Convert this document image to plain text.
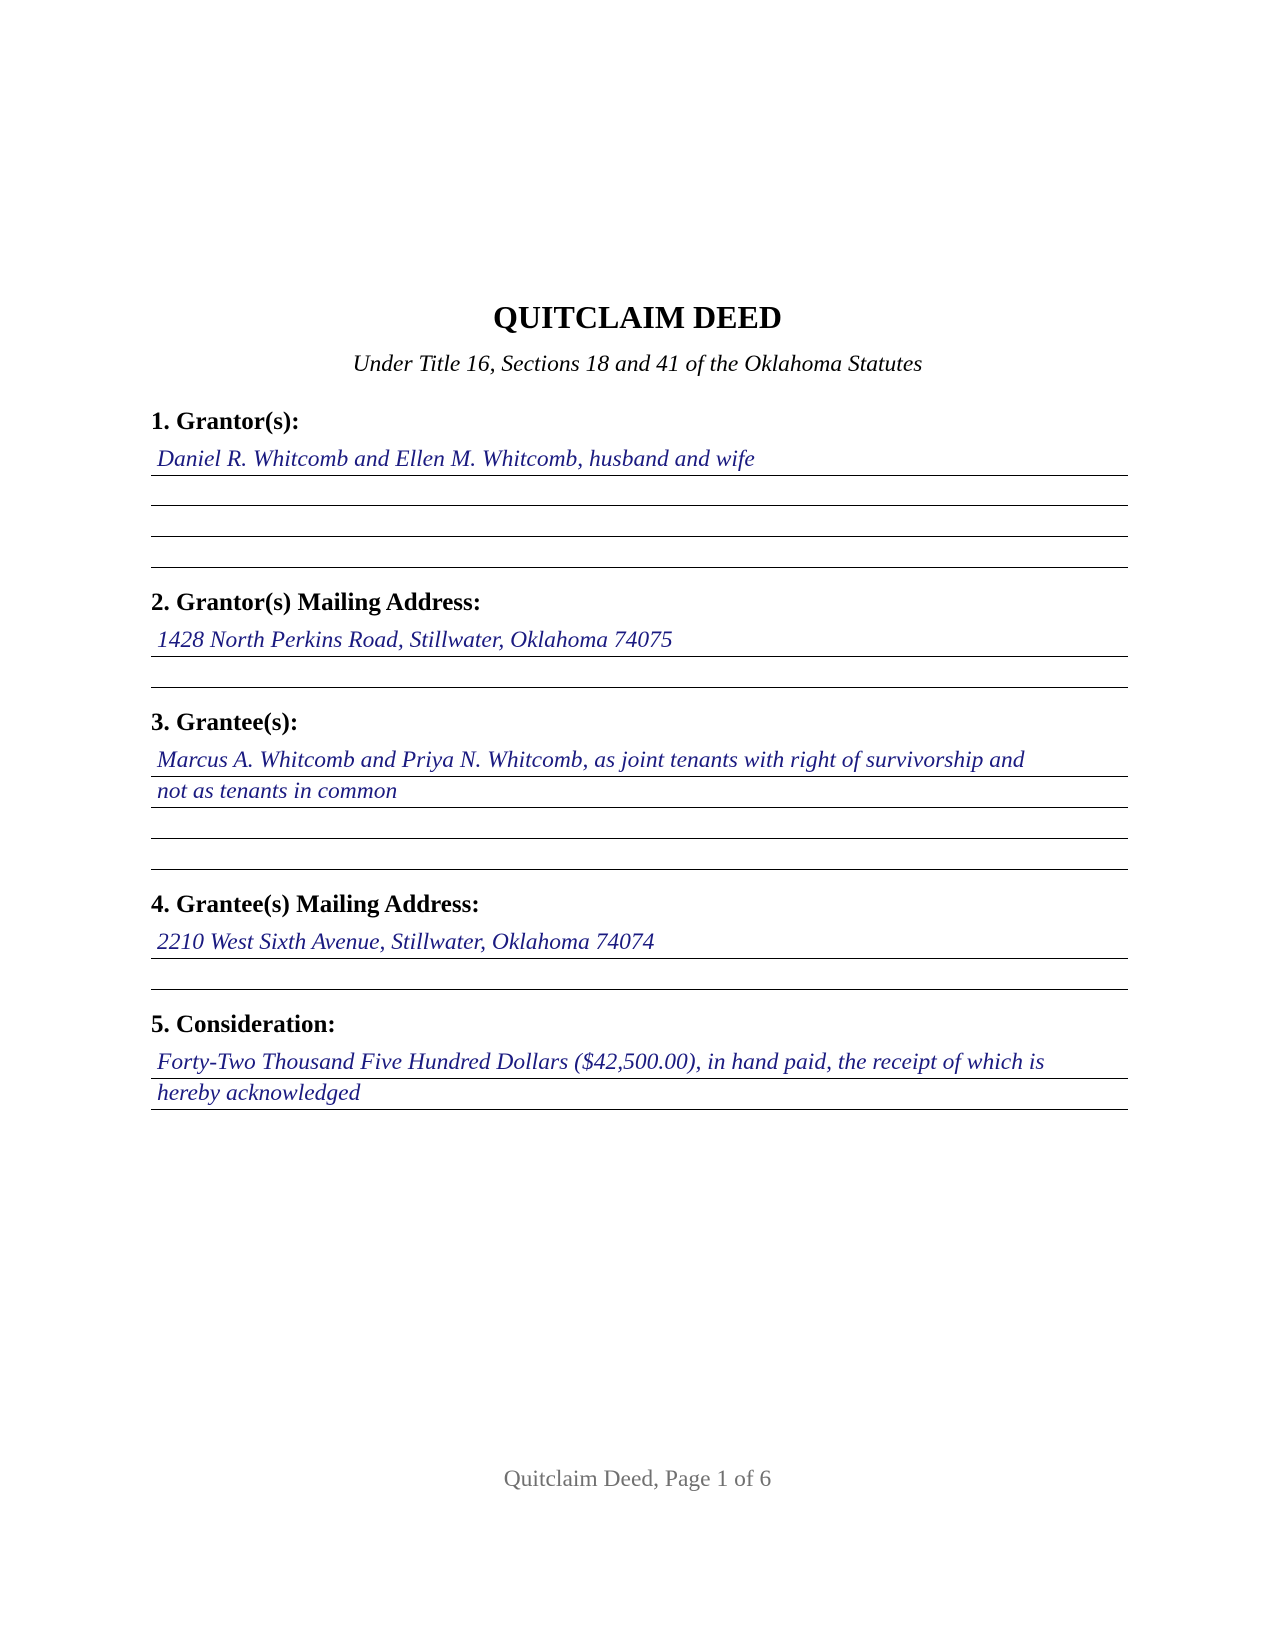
QUITCLAIM DEED

Under Title 16, Sections 18 and 41 of the Oklahoma Statutes

1. Grantor(s):

Daniel R. Whitcomb and Ellen M. Whitcomb, husband and wife

2. Grantor(s) Mailing Address:

1428 North Perkins Road, Stillwater, Oklahoma 74075

3. Grantee(s):

Marcus A. Whitcomb and Priya N. Whitcomb, as joint tenants with right of survivorship and
not as tenants in common

4. Grantee(s) Mailing Address:

2210 West Sixth Avenue, Stillwater, Oklahoma 74074

5. Consideration:

Forty-Two Thousand Five Hundred Dollars ($42,500.00), in hand paid, the receipt of which is
hereby acknowledged

Quitclaim Deed, Page 1 of 6
